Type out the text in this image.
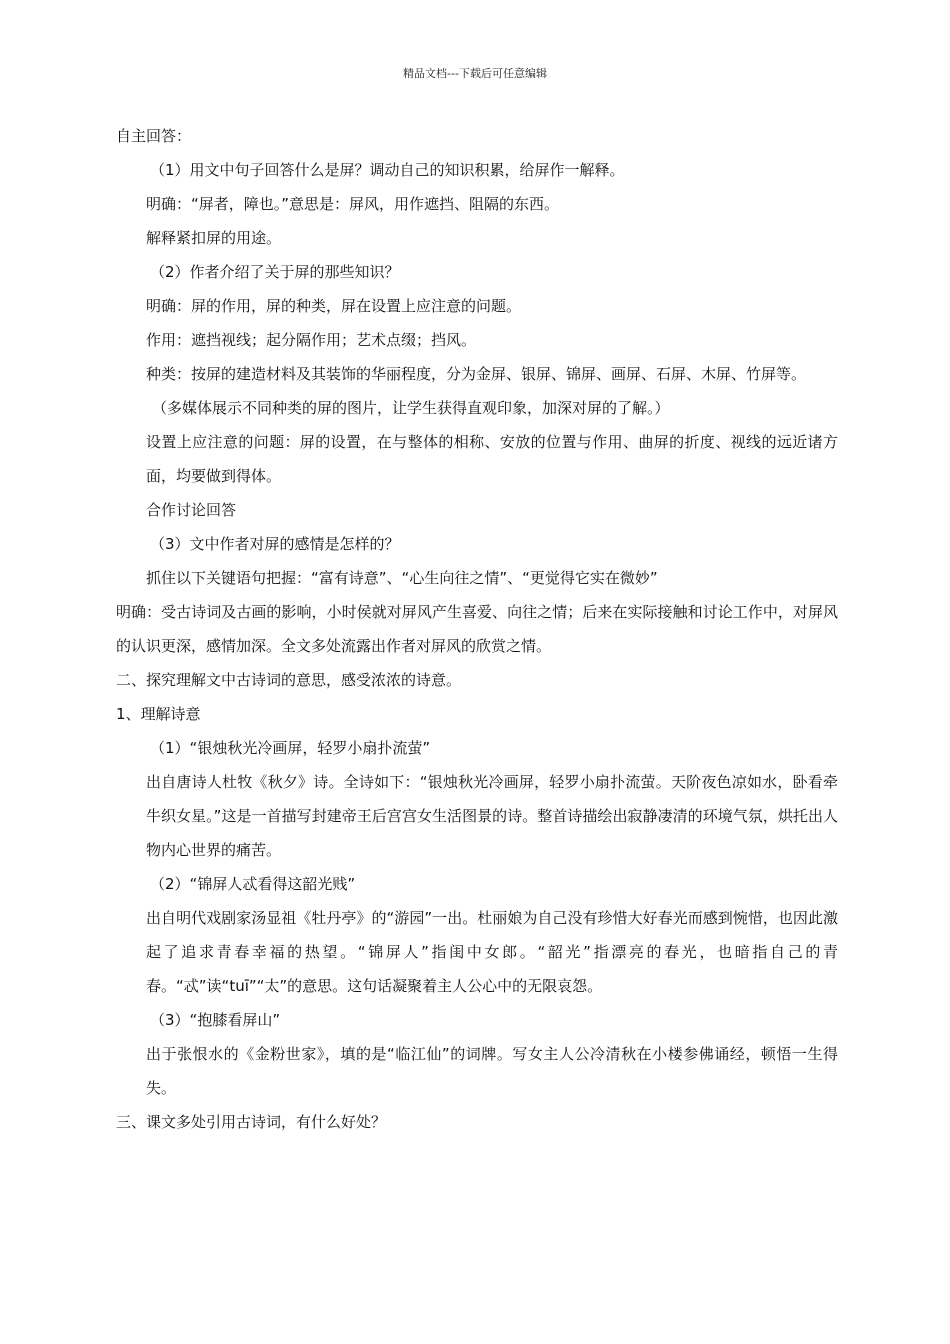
精品文档---下载后可任意编辑

自主回答：

（1）用文中句子回答什么是屏？调动自己的知识积累，给屏作一解释。

明确：“屏者，障也。”意思是：屏风，用作遮挡、阻隔的东西。

解释紧扣屏的用途。

（2）作者介绍了关于屏的那些知识？

明确：屏的作用，屏的种类，屏在设置上应注意的问题。

作用：遮挡视线；起分隔作用；艺术点缀；挡风。

种类：按屏的建造材料及其装饰的华丽程度，分为金屏、银屏、锦屏、画屏、石屏、木屏、竹屏等。

（多媒体展示不同种类的屏的图片，让学生获得直观印象，加深对屏的了解。）

设置上应注意的问题：屏的设置，在与整体的相称、安放的位置与作用、曲屏的折度、视线的远近诸方面，均要做到得体。

合作讨论回答

（3）文中作者对屏的感情是怎样的？

抓住以下关键语句把握：“富有诗意”、“心生向往之情”、“更觉得它实在微妙”

明确：受古诗词及古画的影响，小时侯就对屏风产生喜爱、向往之情；后来在实际接触和讨论工作中，对屏风的认识更深，感情加深。全文多处流露出作者对屏风的欣赏之情。

二、探究理解文中古诗词的意思，感受浓浓的诗意。

1、理解诗意

（1）“银烛秋光冷画屏，轻罗小扇扑流萤”

出自唐诗人杜牧《秋夕》诗。全诗如下：“银烛秋光冷画屏，轻罗小扇扑流萤。天阶夜色凉如水，卧看牵牛织女星。”这是一首描写封建帝王后宫宫女生活图景的诗。整首诗描绘出寂静凄清的环境气氛，烘托出人物内心世界的痛苦。

（2）“锦屏人忒看得这韶光贱”

出自明代戏剧家汤显祖《牡丹亭》的“游园”一出。杜丽娘为自己没有珍惜大好春光而感到惋惜，也因此激起了追求青春幸福的热望。“锦屏人”指闺中女郎。“韶光”指漂亮的春光，也暗指自己的青春。“忒”读“tuī”“太”的意思。这句话凝聚着主人公心中的无限哀怨。

（3）“抱膝看屏山”

出于张恨水的《金粉世家》，填的是“临江仙”的词牌。写女主人公冷清秋在小楼参佛诵经，顿悟一生得失。

三、课文多处引用古诗词，有什么好处？
